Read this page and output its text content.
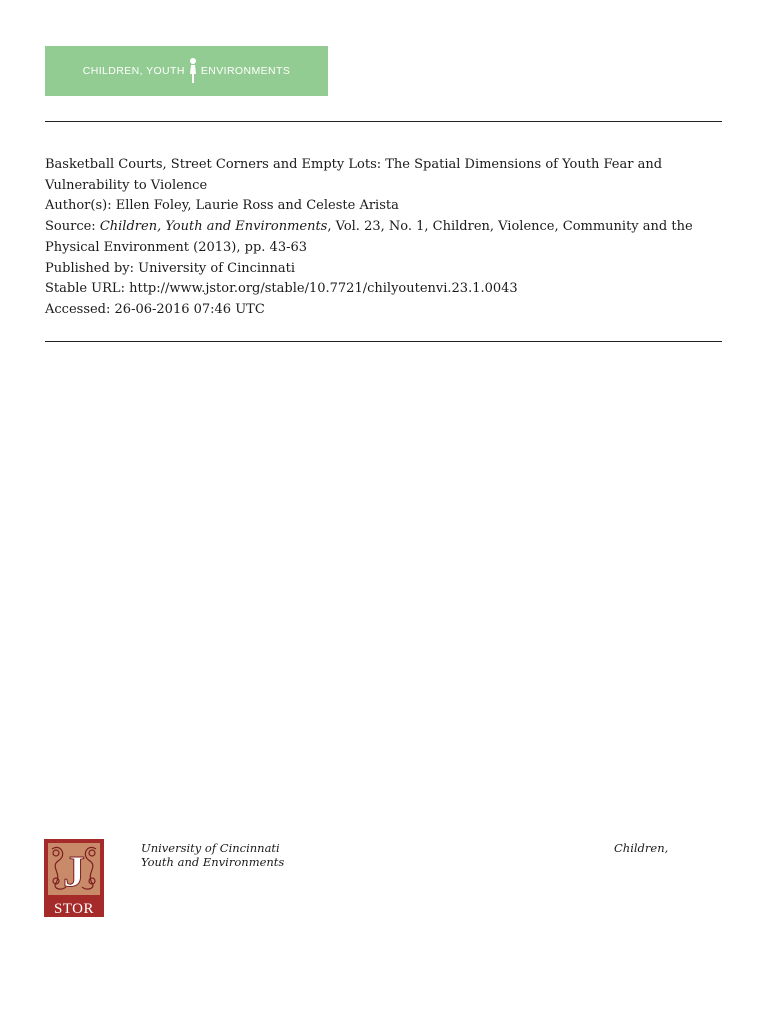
CHILDREN, YOUTH ENVIRONMENTS

Basketball Courts, Street Corners and Empty Lots: The Spatial Dimensions of Youth Fear and Vulnerability to Violence

Author(s): Ellen Foley, Laurie Ross and Celeste Arista

Source: Children, Youth and Environments, Vol. 23, No. 1, Children, Violence, Community and the Physical Environment (2013), pp. 43-63

Published by: University of Cincinnati

Stable URL: http://www.jstor.org/stable/10.7721/chilyoutenvi.23.1.0043

Accessed: 26-06-2016 07:46 UTC

J
STOR
University of Cincinnati
Youth and Environments
Children,
